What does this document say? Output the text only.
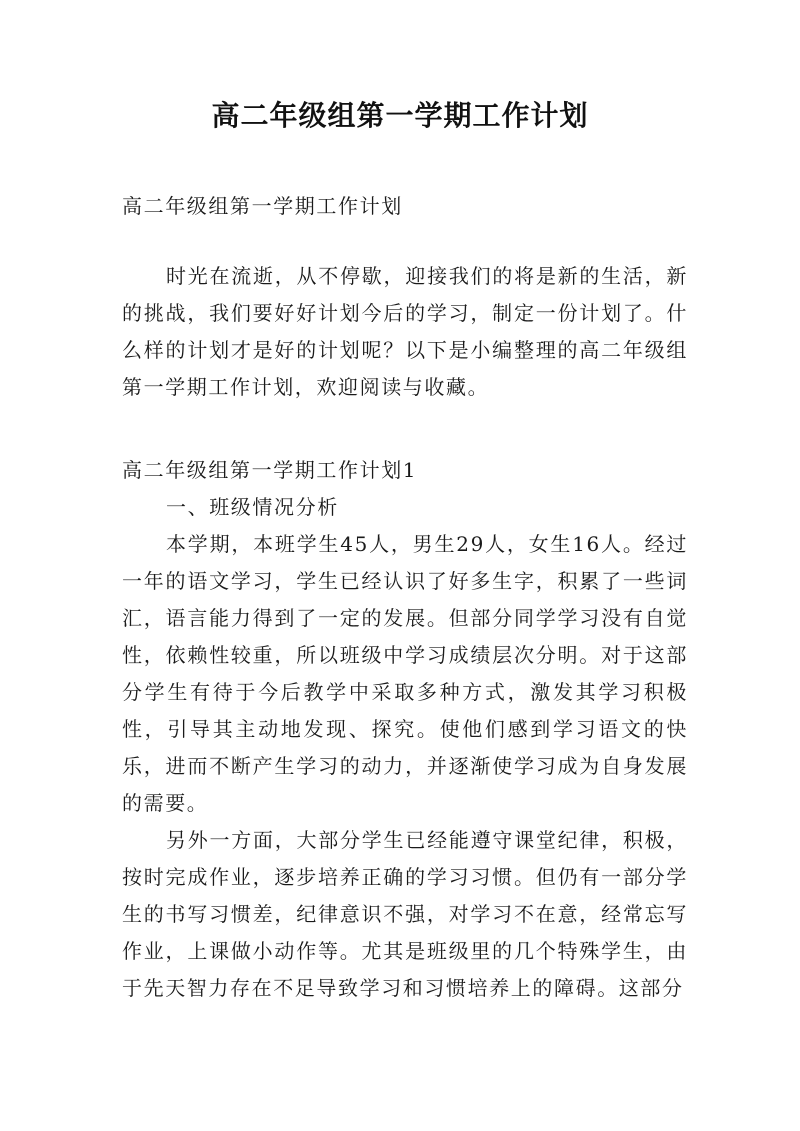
高二年级组第一学期工作计划

高二年级组第一学期工作计划

时光在流逝，从不停歇，迎接我们的将是新的生活，新的挑战，我们要好好计划今后的学习，制定一份计划了。什么样的计划才是好的计划呢？以下是小编整理的高二年级组第一学期工作计划，欢迎阅读与收藏。

高二年级组第一学期工作计划1

一、班级情况分析

本学期，本班学生45人，男生29人，女生16人。经过一年的语文学习，学生已经认识了好多生字，积累了一些词汇，语言能力得到了一定的发展。但部分同学学习没有自觉性，依赖性较重，所以班级中学习成绩层次分明。对于这部分学生有待于今后教学中采取多种方式，激发其学习积极性，引导其主动地发现、探究。使他们感到学习语文的快乐，进而不断产生学习的动力，并逐渐使学习成为自身发展的需要。

另外一方面，大部分学生已经能遵守课堂纪律，积极，按时完成作业，逐步培养正确的学习习惯。但仍有一部分学生的书写习惯差，纪律意识不强，对学习不在意，经常忘写作业，上课做小动作等。尤其是班级里的几个特殊学生，由于先天智力存在不足导致学习和习惯培养上的障碍。这部分
